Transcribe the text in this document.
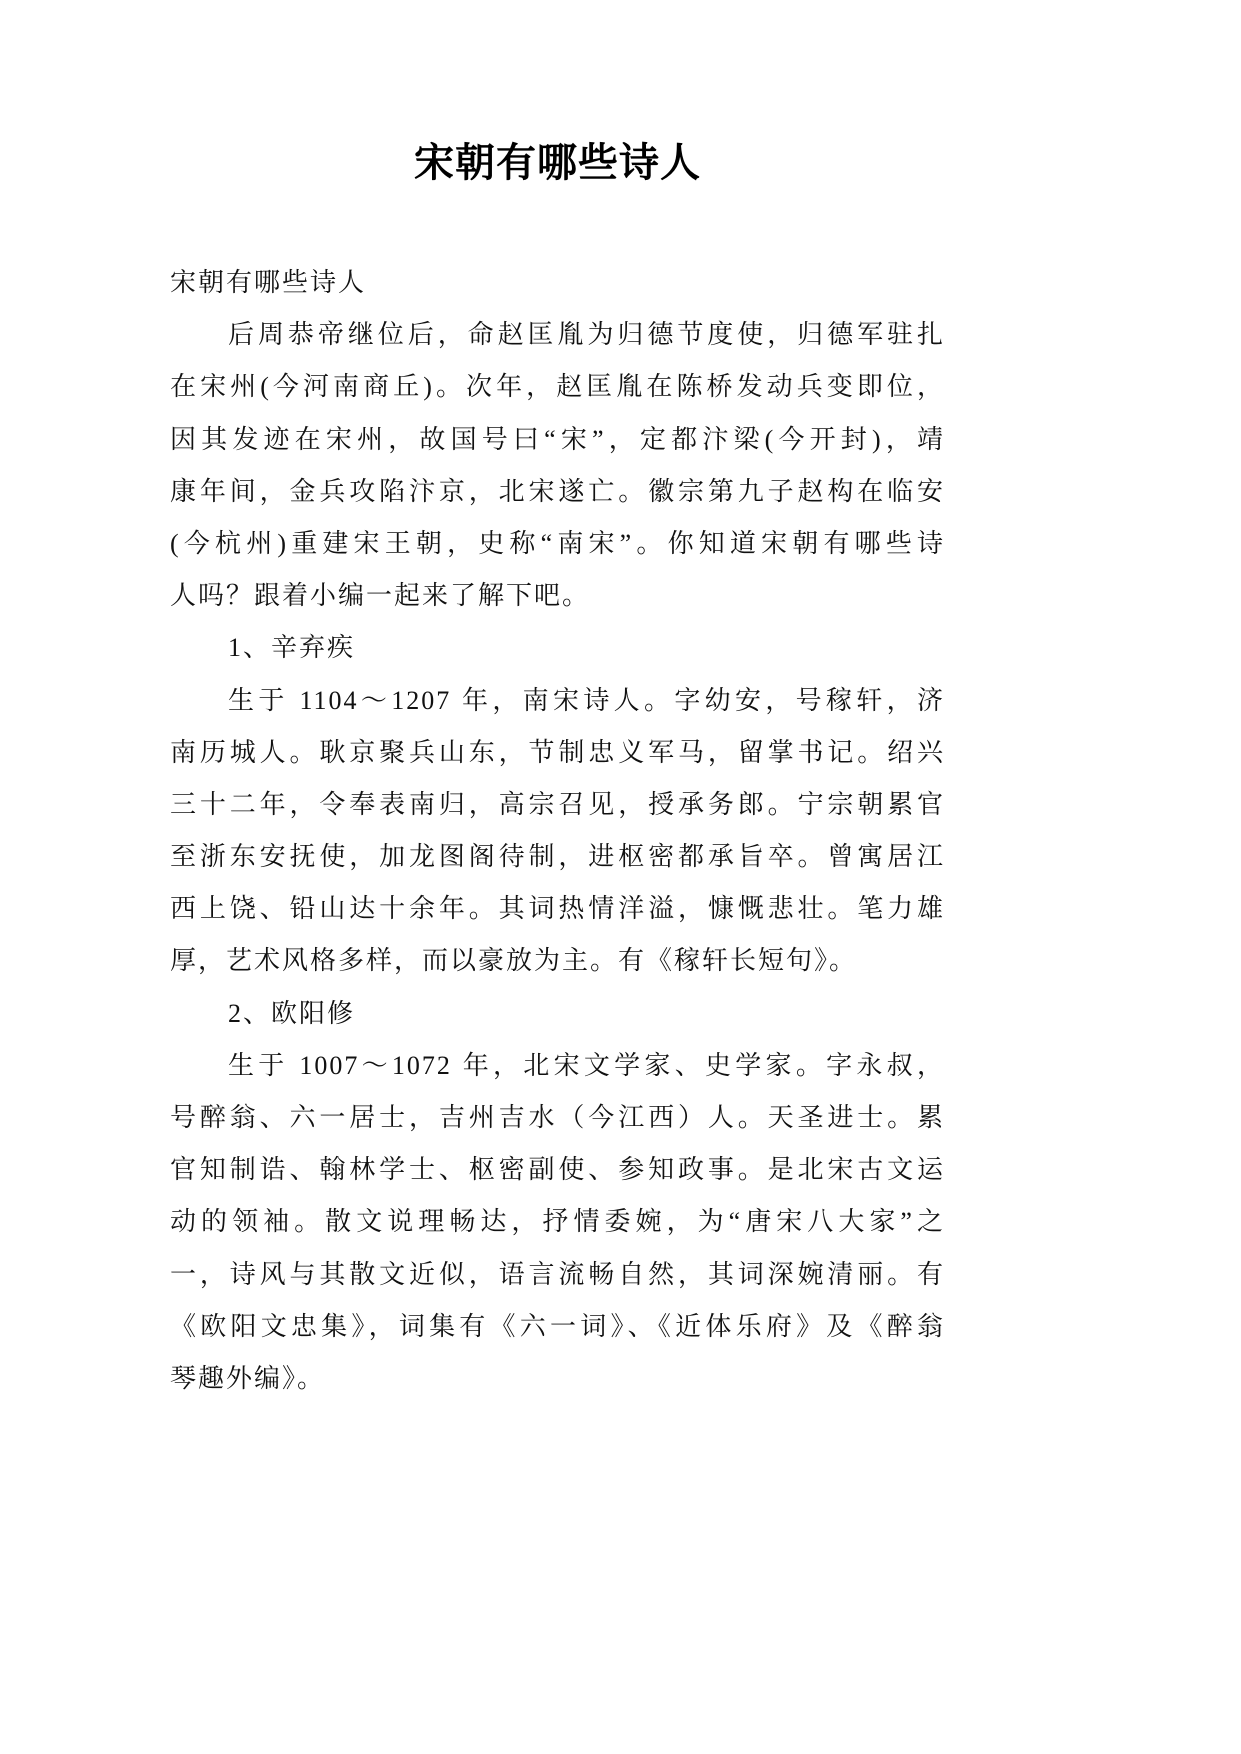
宋朝有哪些诗人
宋朝有哪些诗人
后周恭帝继位后，命赵匡胤为归德节度使，归德军驻扎
在宋州(今河南商丘)。次年，赵匡胤在陈桥发动兵变即位，
因其发迹在宋州，故国号曰“宋”，定都汴梁(今开封)，靖
康年间，金兵攻陷汴京，北宋遂亡。徽宗第九子赵构在临安
(今杭州)重建宋王朝，史称“南宋”。你知道宋朝有哪些诗
人吗？跟着小编一起来了解下吧。
1、辛弃疾
生于 1104～1207 年，南宋诗人。字幼安，号稼轩，济
南历城人。耿京聚兵山东，节制忠义军马，留掌书记。绍兴
三十二年，令奉表南归，高宗召见，授承务郎。宁宗朝累官
至浙东安抚使，加龙图阁待制，进枢密都承旨卒。曾寓居江
西上饶、铅山达十余年。其词热情洋溢，慷慨悲壮。笔力雄
厚，艺术风格多样，而以豪放为主。有《稼轩长短句》。
2、欧阳修
生于 1007～1072 年，北宋文学家、史学家。字永叔，
号醉翁、六一居士，吉州吉水（今江西）人。天圣进士。累
官知制诰、翰林学士、枢密副使、参知政事。是北宋古文运
动的领袖。散文说理畅达，抒情委婉，为“唐宋八大家”之
一，诗风与其散文近似，语言流畅自然，其词深婉清丽。有
《欧阳文忠集》，词集有《六一词》、《近体乐府》及《醉翁
琴趣外编》。
